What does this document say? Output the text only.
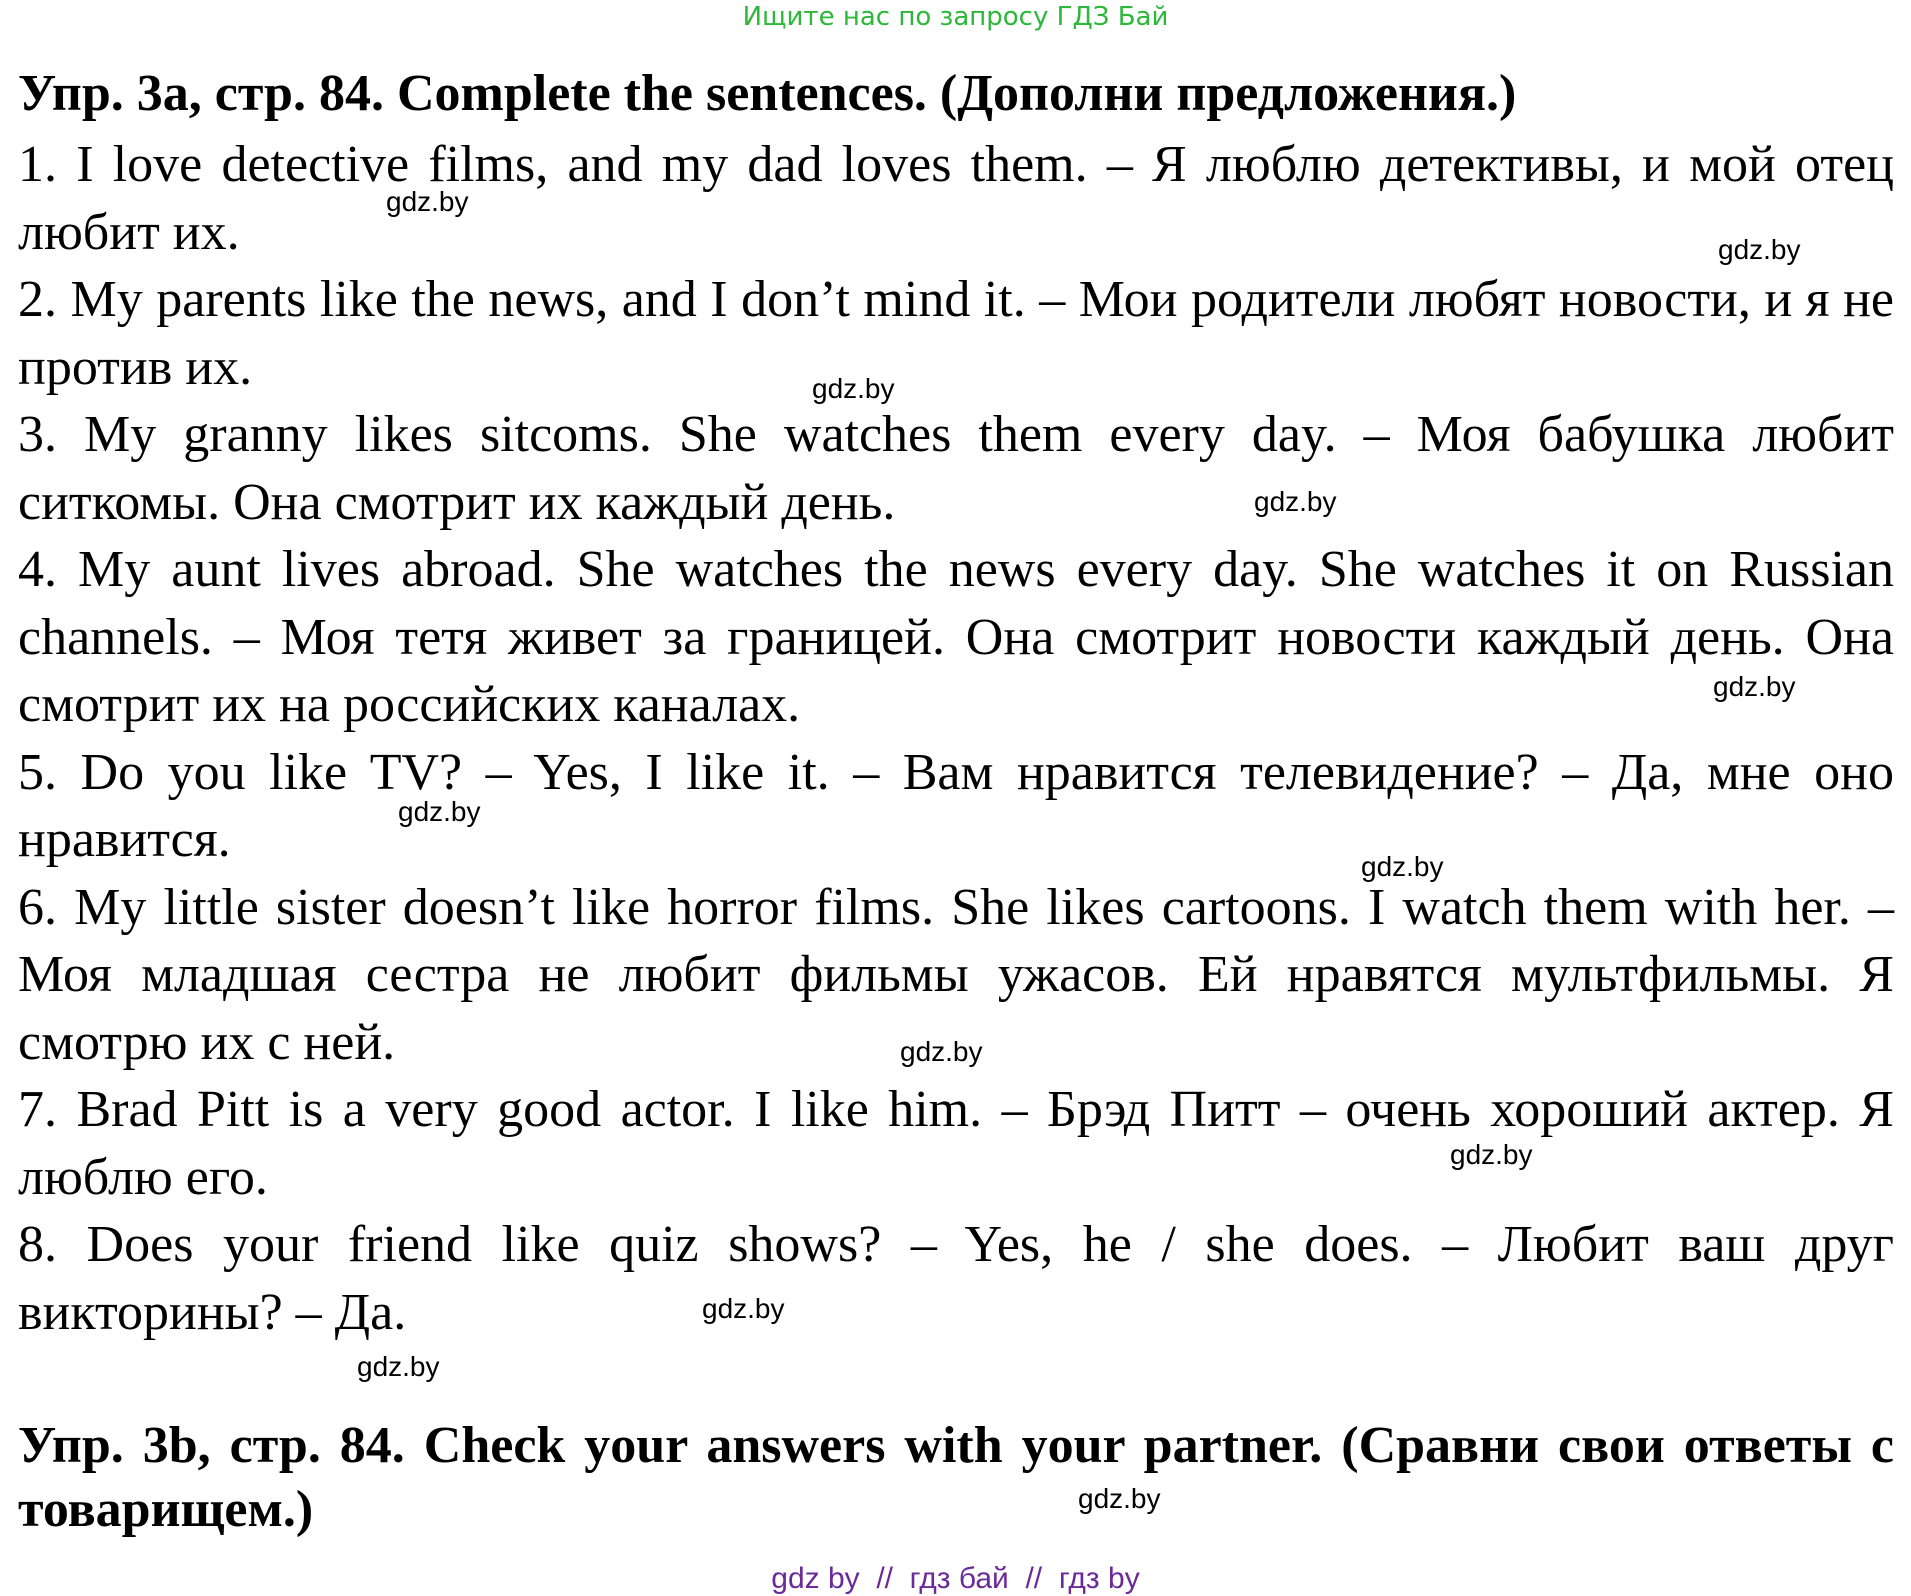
Ищите нас по запросу ГДЗ Бай
Упр. 3a, стр. 84. Complete the sentences. (Дополни предложения.)
1. I love detective films, and my dad loves them. – Я люблю детективы, и мой отец любит их.
2. My parents like the news, and I don’t mind it. – Мои родители любят новости, и я не против их.
3. My granny likes sitcoms. She watches them every day. – Моя бабушка любит ситкомы. Она смотрит их каждый день.
4. My aunt lives abroad. She watches the news every day. She watches it on Russian channels. – Моя тетя живет за границей. Она смотрит новости каждый день. Она смотрит их на российских каналах.
5. Do you like TV? – Yes, I like it. – Вам нравится телевидение? – Да, мне оно нравится.
6. My little sister doesn’t like horror films. She likes cartoons. I watch them with her. – Моя младшая сестра не любит фильмы ужасов. Ей нравятся мультфильмы. Я смотрю их с ней.
7. Brad Pitt is a very good actor. I like him. – Брэд Питт – очень хороший актер. Я люблю его.
8. Does your friend like quiz shows? – Yes, he / she does. – Любит ваш друг викторины? – Да.
Упр. 3b, стр. 84. Check your answers with your partner. (Сравни свои ответы с товарищем.)
gdz.by
gdz.by
gdz.by
gdz.by
gdz.by
gdz.by
gdz.by
gdz.by
gdz.by
gdz.by
gdz.by
gdz.by
gdz by  //  гдз бай  //  гдз by
